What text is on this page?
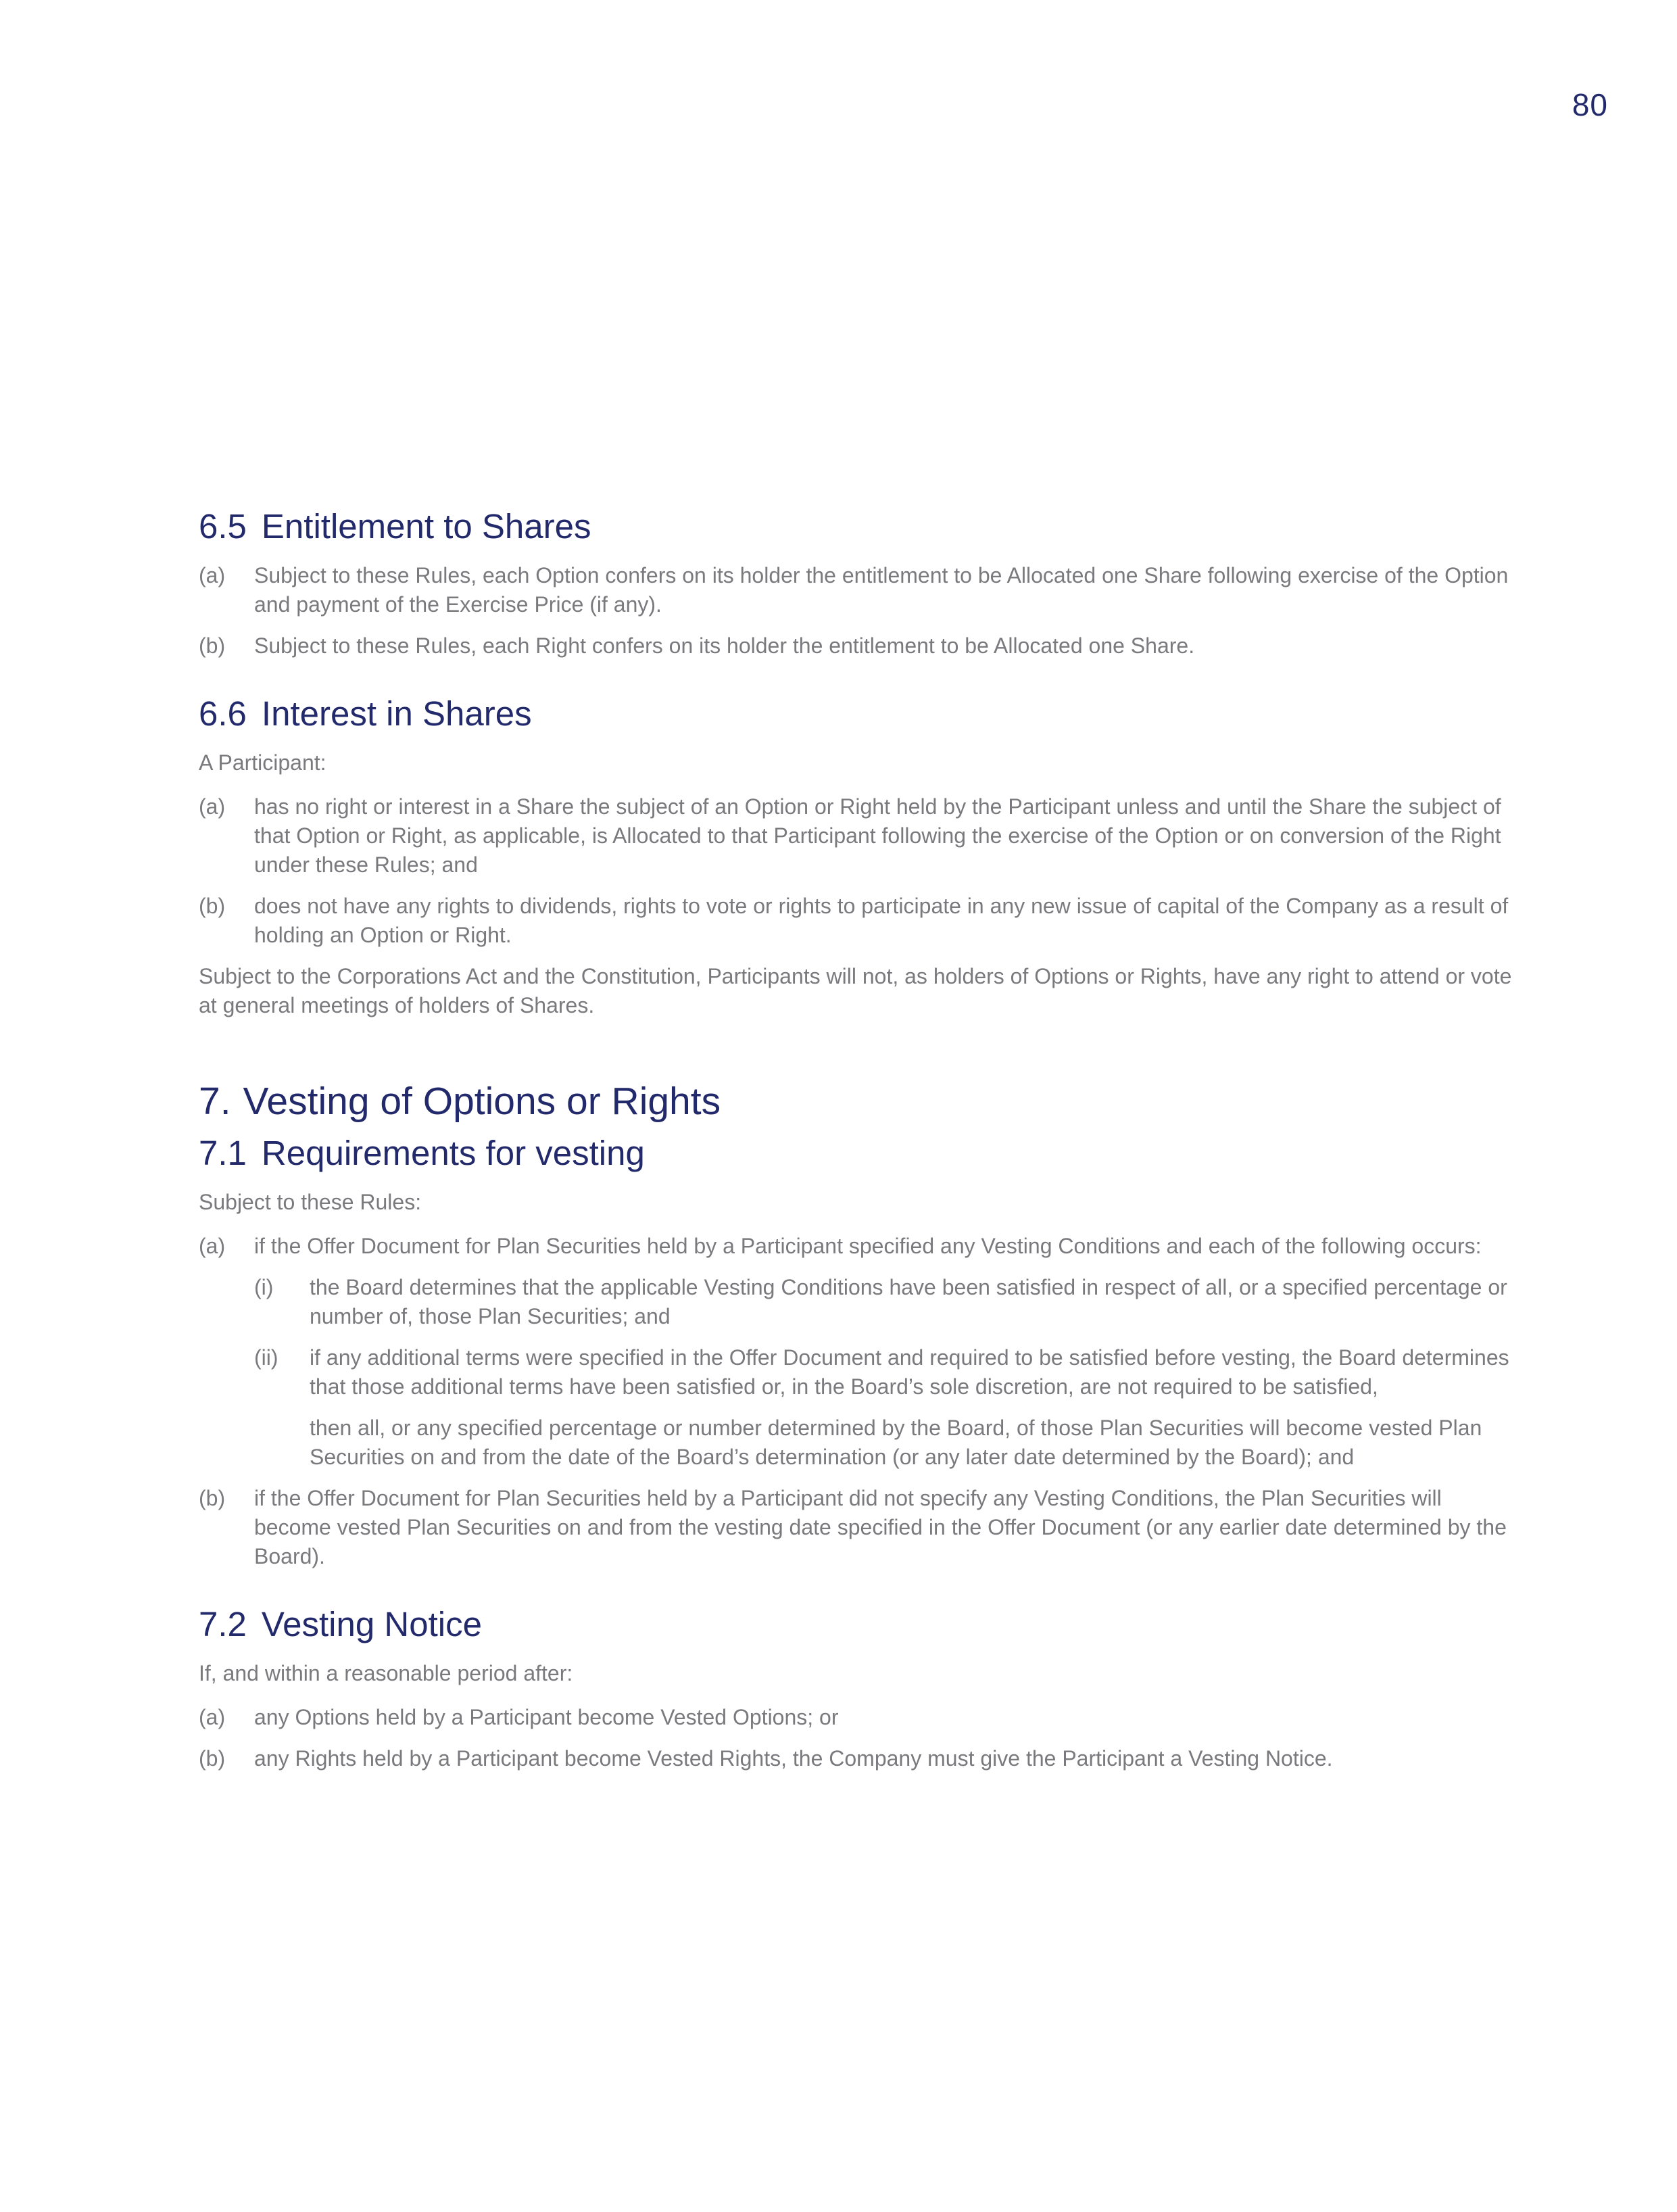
80
6.5 Entitlement to Shares
(a)	Subject to these Rules, each Option confers on its holder the entitlement to be Allocated one Share following exercise of the Option and payment of the Exercise Price (if any).
(b)	Subject to these Rules, each Right confers on its holder the entitlement to be Allocated one Share.
6.6 Interest in Shares
A Participant:
(a)	has no right or interest in a Share the subject of an Option or Right held by the Participant unless and until the Share the subject of that Option or Right, as applicable, is Allocated to that Participant following the exercise of the Option or on conversion of the Right under these Rules; and
(b)	does not have any rights to dividends, rights to vote or rights to participate in any new issue of capital of the Company as a result of holding an Option or Right.
Subject to the Corporations Act and the Constitution, Participants will not, as holders of Options or Rights, have any right to attend or vote at general meetings of holders of Shares.
7. Vesting of Options or Rights
7.1 Requirements for vesting
Subject to these Rules:
(a)	if the Offer Document for Plan Securities held by a Participant specified any Vesting Conditions and each of the following occurs:
(i)	the Board determines that the applicable Vesting Conditions have been satisfied in respect of all, or a specified percentage or number of, those Plan Securities; and
(ii)	if any additional terms were specified in the Offer Document and required to be satisfied before vesting, the Board determines that those additional terms have been satisfied or, in the Board’s sole discretion, are not required to be satisfied,
then all, or any specified percentage or number determined by the Board, of those Plan Securities will become vested Plan Securities on and from the date of the Board’s determination (or any later date determined by the Board); and
(b)	if the Offer Document for Plan Securities held by a Participant did not specify any Vesting Conditions, the Plan Securities will become vested Plan Securities on and from the vesting date specified in the Offer Document (or any earlier date determined by the Board).
7.2 Vesting Notice
If, and within a reasonable period after:
(a)	any Options held by a Participant become Vested Options; or
(b)	any Rights held by a Participant become Vested Rights, the Company must give the Participant a Vesting Notice.
